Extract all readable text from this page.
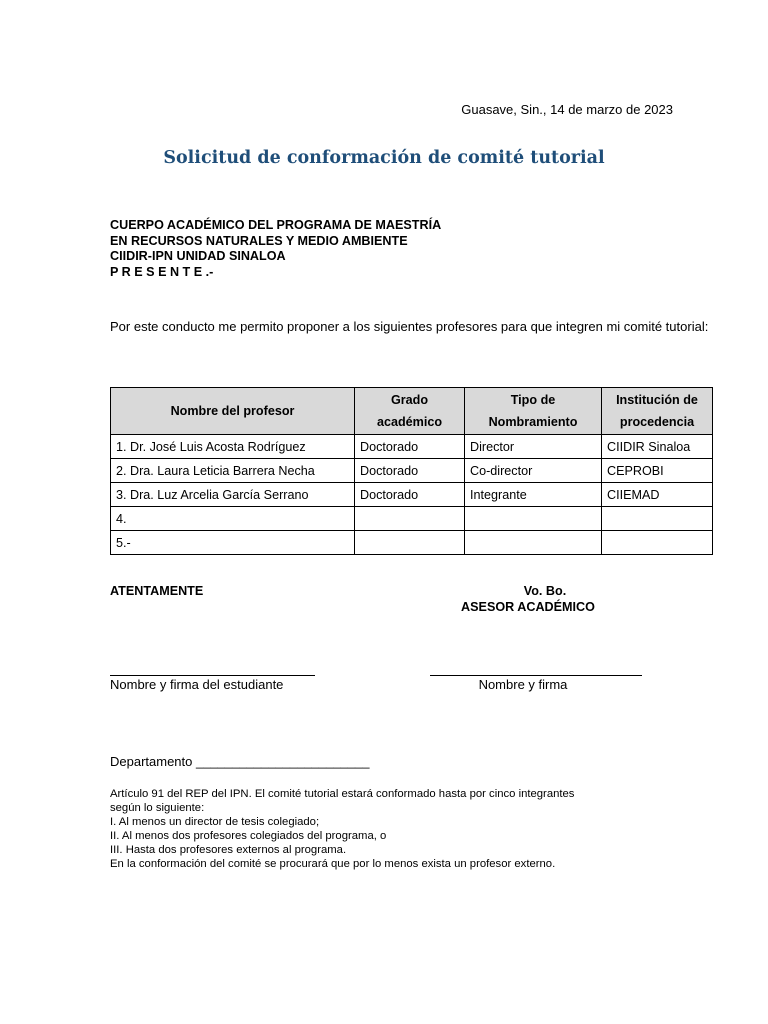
Guasave, Sin., 14 de marzo de 2023
Solicitud de conformación de comité tutorial
CUERPO ACADÉMICO DEL PROGRAMA DE MAESTRÍA
EN RECURSOS NATURALES Y MEDIO AMBIENTE
CIIDIR-IPN UNIDAD SINALOA
P R E S E N T E .-
Por este conducto me permito proponer a los siguientes profesores para que integren mi comité tutorial:
Nombre del profesor	Grado académico	Tipo de Nombramiento	Institución de procedencia
1. Dr. José Luis Acosta Rodríguez	Doctorado	Director	CIIDIR Sinaloa
2. Dra. Laura Leticia Barrera Necha	Doctorado	Co-director	CEPROBI
3. Dra. Luz Arcelia García Serrano	Doctorado	Integrante	CIIEMAD
4.			
5.-			
ATENTAMENTE	Vo. Bo.
ASESOR ACADÉMICO
Nombre y firma del estudiante	Nombre y firma
Departamento ________________________
Artículo 91 del REP del IPN. El comité tutorial estará conformado hasta por cinco integrantes
según lo siguiente:
I. Al menos un director de tesis colegiado;
II. Al menos dos profesores colegiados del programa, o
III. Hasta dos profesores externos al programa.
En la conformación del comité se procurará que por lo menos exista un profesor externo.
